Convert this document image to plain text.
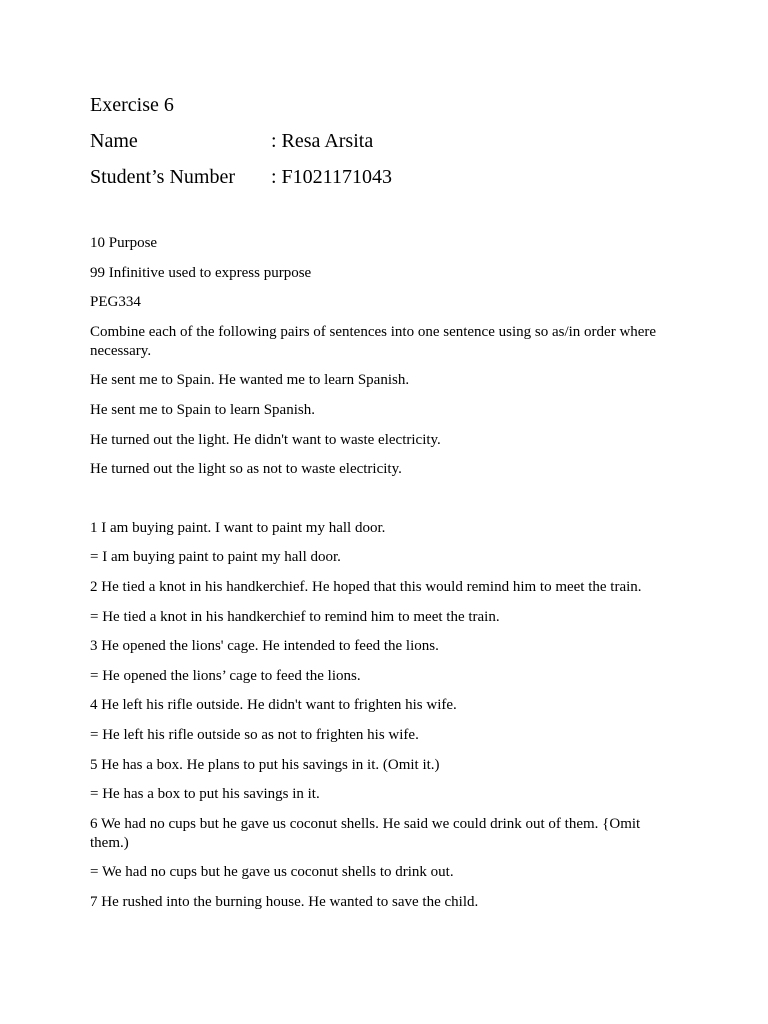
Exercise 6
Name	: Resa Arsita
Student’s Number : F1021171043

10 Purpose

99 Infinitive used to express purpose

PEG334

Combine each of the following pairs of sentences into one sentence using so as/in order where necessary.

He sent me to Spain. He wanted me to learn Spanish.

He sent me to Spain to learn Spanish.

He turned out the light. He didn't want to waste electricity.

He turned out the light so as not to waste electricity.

1 I am buying paint. I want to paint my hall door.

= I am buying paint to paint my hall door.

2 He tied a knot in his handkerchief. He hoped that this would remind him to meet the train.

= He tied a knot in his handkerchief to remind him to meet the train.

3 He opened the lions' cage. He intended to feed the lions.

= He opened the lions’ cage to feed the lions.

4 He left his rifle outside. He didn't want to frighten his wife.

= He left his rifle outside so as not to frighten his wife.

5 He has a box. He plans to put his savings in it. (Omit it.)

= He has a box to put his savings in it.

6 We had no cups but he gave us coconut shells. He said we could drink out of them. {Omit them.)

= We had no cups but he gave us coconut shells to drink out.

7 He rushed into the burning house. He wanted to save the child.
